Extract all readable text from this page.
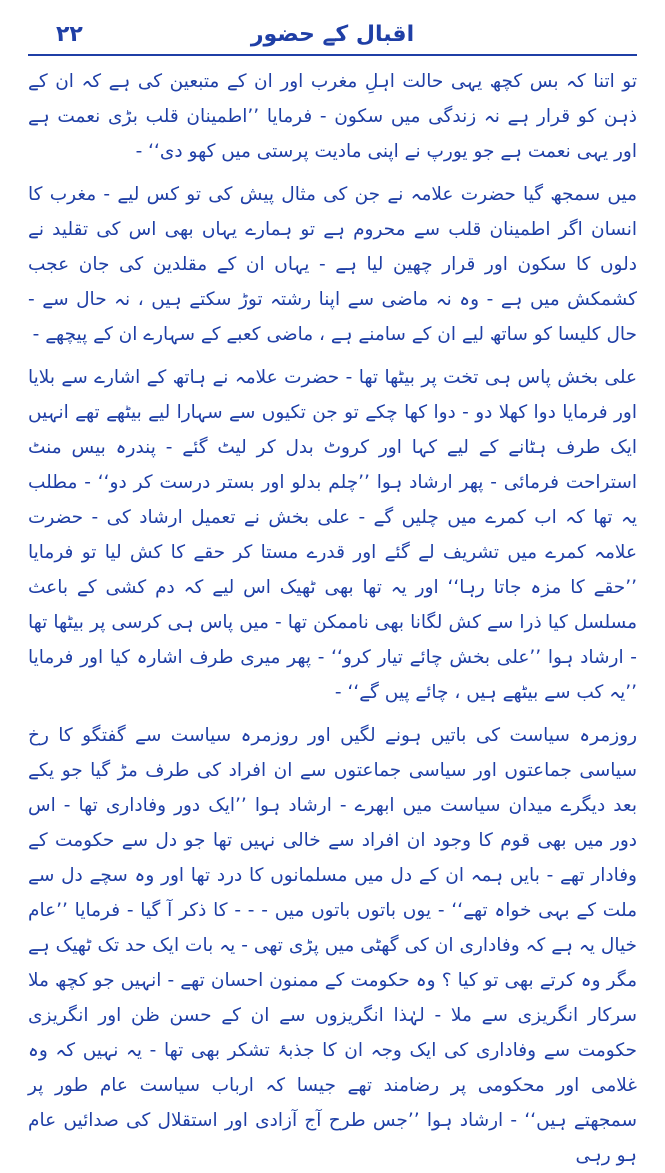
اقبال کے حضور
۲۲

تو اتنا کہ بس کچھ یہی حالت اہلِ مغرب اور ان کے متبعین کی ہے کہ ان کے ذہن کو قرار ہے نہ زندگی میں سکون - فرمایا ’’اطمینان قلب بڑی نعمت ہے اور یہی نعمت ہے جو یورپ نے اپنی مادیت پرستی میں کھو دی‘‘ -

میں سمجھ گیا حضرت علامہ نے جن کی مثال پیش کی تو کس لیے - مغرب کا انسان اگر اطمینان قلب سے محروم ہے تو ہمارے یہاں بھی اس کی تقلید نے دلوں کا سکون اور قرار چھین لیا ہے - یہاں ان کے مقلدین کی جان عجب کشمکش میں ہے - وہ نہ ماضی سے اپنا رشتہ توڑ سکتے ہیں ، نہ حال سے - حال کلیسا کو ساتھ لیے ان کے سامنے ہے ، ماضی کعبے کے سہارے ان کے پیچھے -

علی بخش پاس ہی تخت پر بیٹھا تھا - حضرت علامہ نے ہاتھ کے اشارے سے بلایا اور فرمایا دوا کھلا دو - دوا کھا چکے تو جن تکیوں سے سہارا لیے بیٹھے تھے انہیں ایک طرف ہٹانے کے لیے کہا اور کروٹ بدل کر لیٹ گئے - پندرہ بیس منٹ استراحت فرمائی - پھر ارشاد ہوا ’’چلم بدلو اور بستر درست کر دو‘‘ - مطلب یہ تھا کہ اب کمرے میں چلیں گے - علی بخش نے تعمیل ارشاد کی - حضرت علامہ کمرے میں تشریف لے گئے اور قدرے مستا کر حقے کا کش لیا تو فرمایا ’’حقے کا مزہ جاتا رہا‘‘ اور یہ تھا بھی ٹھیک اس لیے کہ دم کشی کے باعث مسلسل کیا ذرا سے کش لگانا بھی ناممکن تھا - میں پاس ہی کرسی پر بیٹھا تھا - ارشاد ہوا ’’علی بخش چائے تیار کرو‘‘ - پھر میری طرف اشارہ کیا اور فرمایا ’’یہ کب سے بیٹھے ہیں ، چائے پیں گے‘‘ -

روزمرہ سیاست کی باتیں ہونے لگیں اور روزمرہ سیاست سے گفتگو کا رخ سیاسی جماعتوں اور سیاسی جماعتوں سے ان افراد کی طرف مڑ گیا جو یکے بعد دیگرے میدان سیاست میں ابھرے - ارشاد ہوا ’’ایک دور وفاداری تھا - اس دور میں بھی قوم کا وجود ان افراد سے خالی نہیں تھا جو دل سے حکومت کے وفادار تھے - بایں ہمہ ان کے دل میں مسلمانوں کا درد تھا اور وہ سچے دل سے ملت کے بہی خواہ تھے‘‘ - یوں باتوں باتوں میں - - - کا ذکر آ گیا - فرمایا ’’عام خیال یہ ہے کہ وفاداری ان کی گھٹی میں پڑی تھی - یہ بات ایک حد تک ٹھیک ہے مگر وہ کرتے بھی تو کیا ؟ وہ حکومت کے ممنون احسان تھے - انہیں جو کچھ ملا سرکار انگریزی سے ملا - لہٰذا انگریزوں سے ان کے حسن ظن اور انگریزی حکومت سے وفاداری کی ایک وجہ ان کا جذبۂ تشکر بھی تھا - یہ نہیں کہ وہ غلامی اور محکومی پر رضامند تھے جیسا کہ ارباب سیاست عام طور پر سمجھتے ہیں‘‘ - ارشاد ہوا ’’جس طرح آج آزادی اور استقلال کی صدائیں عام ہو رہی
